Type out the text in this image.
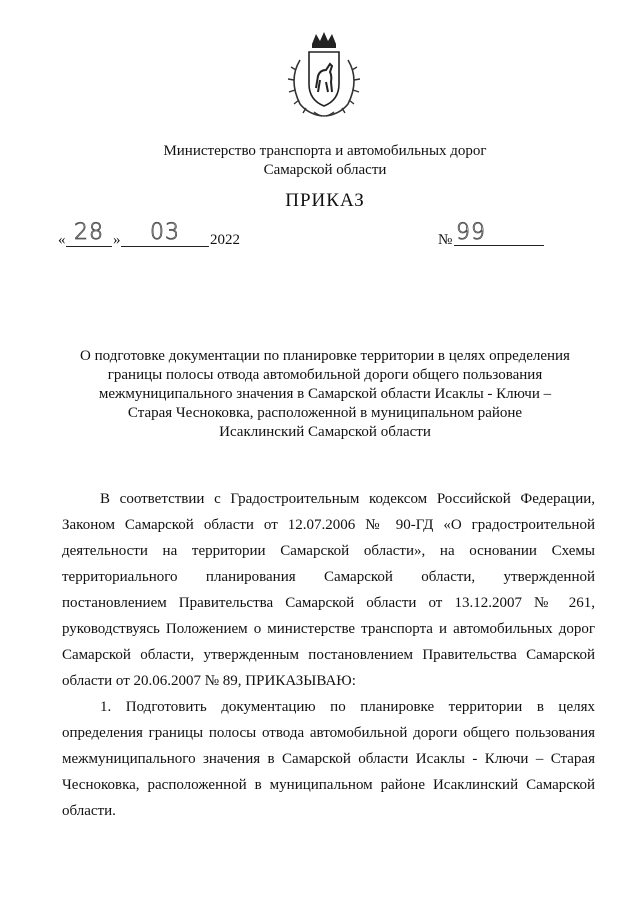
Министерство транспорта и автомобильных дорог
Самарской области
ПРИКАЗ
« 28 »	03	2022	№ 99
О подготовке документации по планировке территории в целях определения
границы полосы отвода автомобильной дороги общего пользования
межмуниципального значения в Самарской области Исаклы - Ключи –
Старая Чесноковка, расположенной в муниципальном районе
Исаклинский Самарской области
В соответствии с Градостроительным кодексом Российской Федерации,
Законом Самарской области от 12.07.2006 № 90-ГД «О градостроительной
деятельности на территории Самарской области», на основании Схемы
территориального планирования Самарской области, утвержденной
постановлением Правительства Самарской области от 13.12.2007 № 261,
руководствуясь Положением о министерстве транспорта и автомобильных дорог
Самарской области, утвержденным постановлением Правительства Самарской
области от 20.06.2007 № 89, ПРИКАЗЫВАЮ:
1. Подготовить документацию по планировке территории в целях
определения границы полосы отвода автомобильной дороги общего пользования
межмуниципального значения в Самарской области Исаклы - Ключи – Старая
Чесноковка, расположенной в муниципальном районе Исаклинский Самарской
области.
